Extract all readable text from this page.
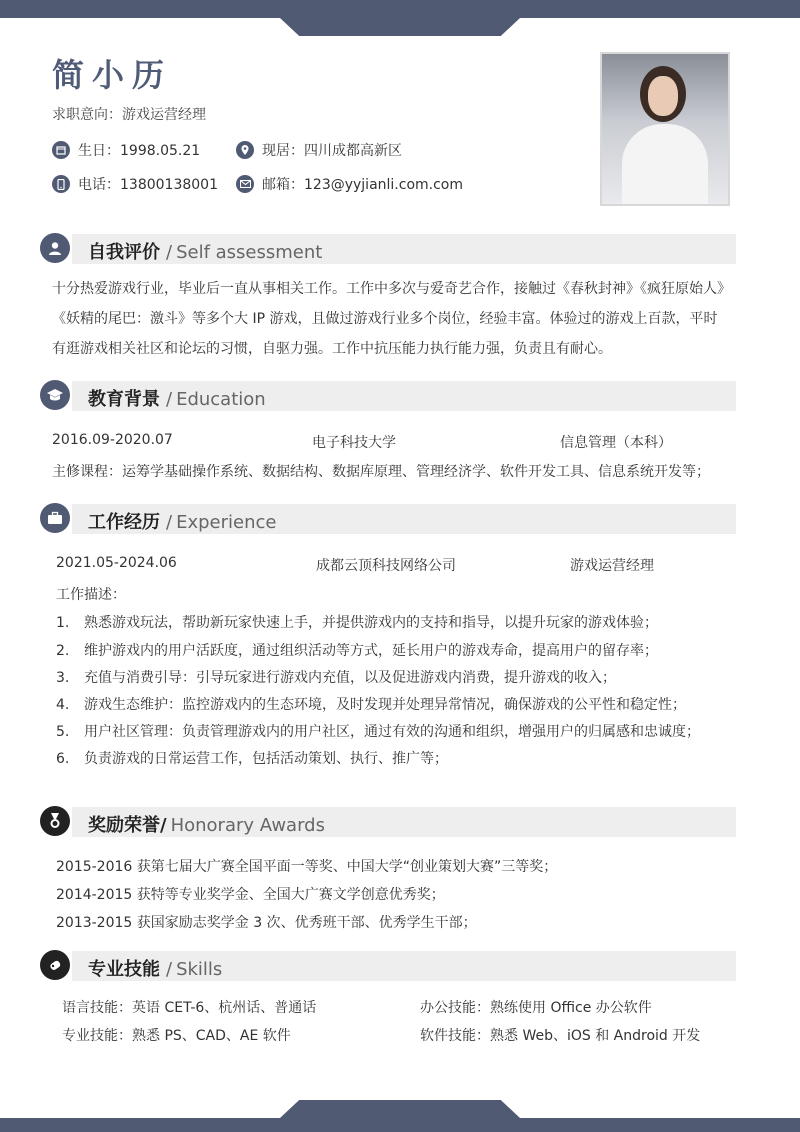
简小历
求职意向：游戏运营经理
生日：1998.05.21	现居：四川成都高新区
电话：13800138001	邮箱：123@yyjianli.com.com
自我评价 / Self assessment
十分热爱游戏行业，毕业后一直从事相关工作。工作中多次与爱奇艺合作，接触过《春秋封神》《疯狂原始人》
《妖精的尾巴：激斗》等多个大 IP 游戏，且做过游戏行业多个岗位，经验丰富。体验过的游戏上百款，平时
有逛游戏相关社区和论坛的习惯，自驱力强。工作中抗压能力执行能力强，负责且有耐心。
教育背景 / Education
2016.09-2020.07	电子科技大学	信息管理（本科）
主修课程：运筹学基础操作系统、数据结构、数据库原理、管理经济学、软件开发工具、信息系统开发等；
工作经历 / Experience
2021.05-2024.06	成都云顶科技网络公司	游戏运营经理
工作描述：
1. 熟悉游戏玩法，帮助新玩家快速上手，并提供游戏内的支持和指导，以提升玩家的游戏体验；
2. 维护游戏内的用户活跃度，通过组织活动等方式，延长用户的游戏寿命，提高用户的留存率；
3. 充值与消费引导：引导玩家进行游戏内充值，以及促进游戏内消费，提升游戏的收入；
4. 游戏生态维护：监控游戏内的生态环境，及时发现并处理异常情况，确保游戏的公平性和稳定性；
5. 用户社区管理：负责管理游戏内的用户社区，通过有效的沟通和组织，增强用户的归属感和忠诚度；
6. 负责游戏的日常运营工作，包括活动策划、执行、推广等；
奖励荣誉/ Honorary Awards
2015-2016 获第七届大广赛全国平面一等奖、中国大学“创业策划大赛”三等奖；
2014-2015 获特等专业奖学金、全国大广赛文学创意优秀奖；
2013-2015 获国家励志奖学金 3 次、优秀班干部、优秀学生干部；
专业技能 / Skills
语言技能：英语 CET-6、杭州话、普通话	办公技能：熟练使用 Office 办公软件
专业技能：熟悉 PS、CAD、AE 软件	软件技能：熟悉 Web、iOS 和 Android 开发
